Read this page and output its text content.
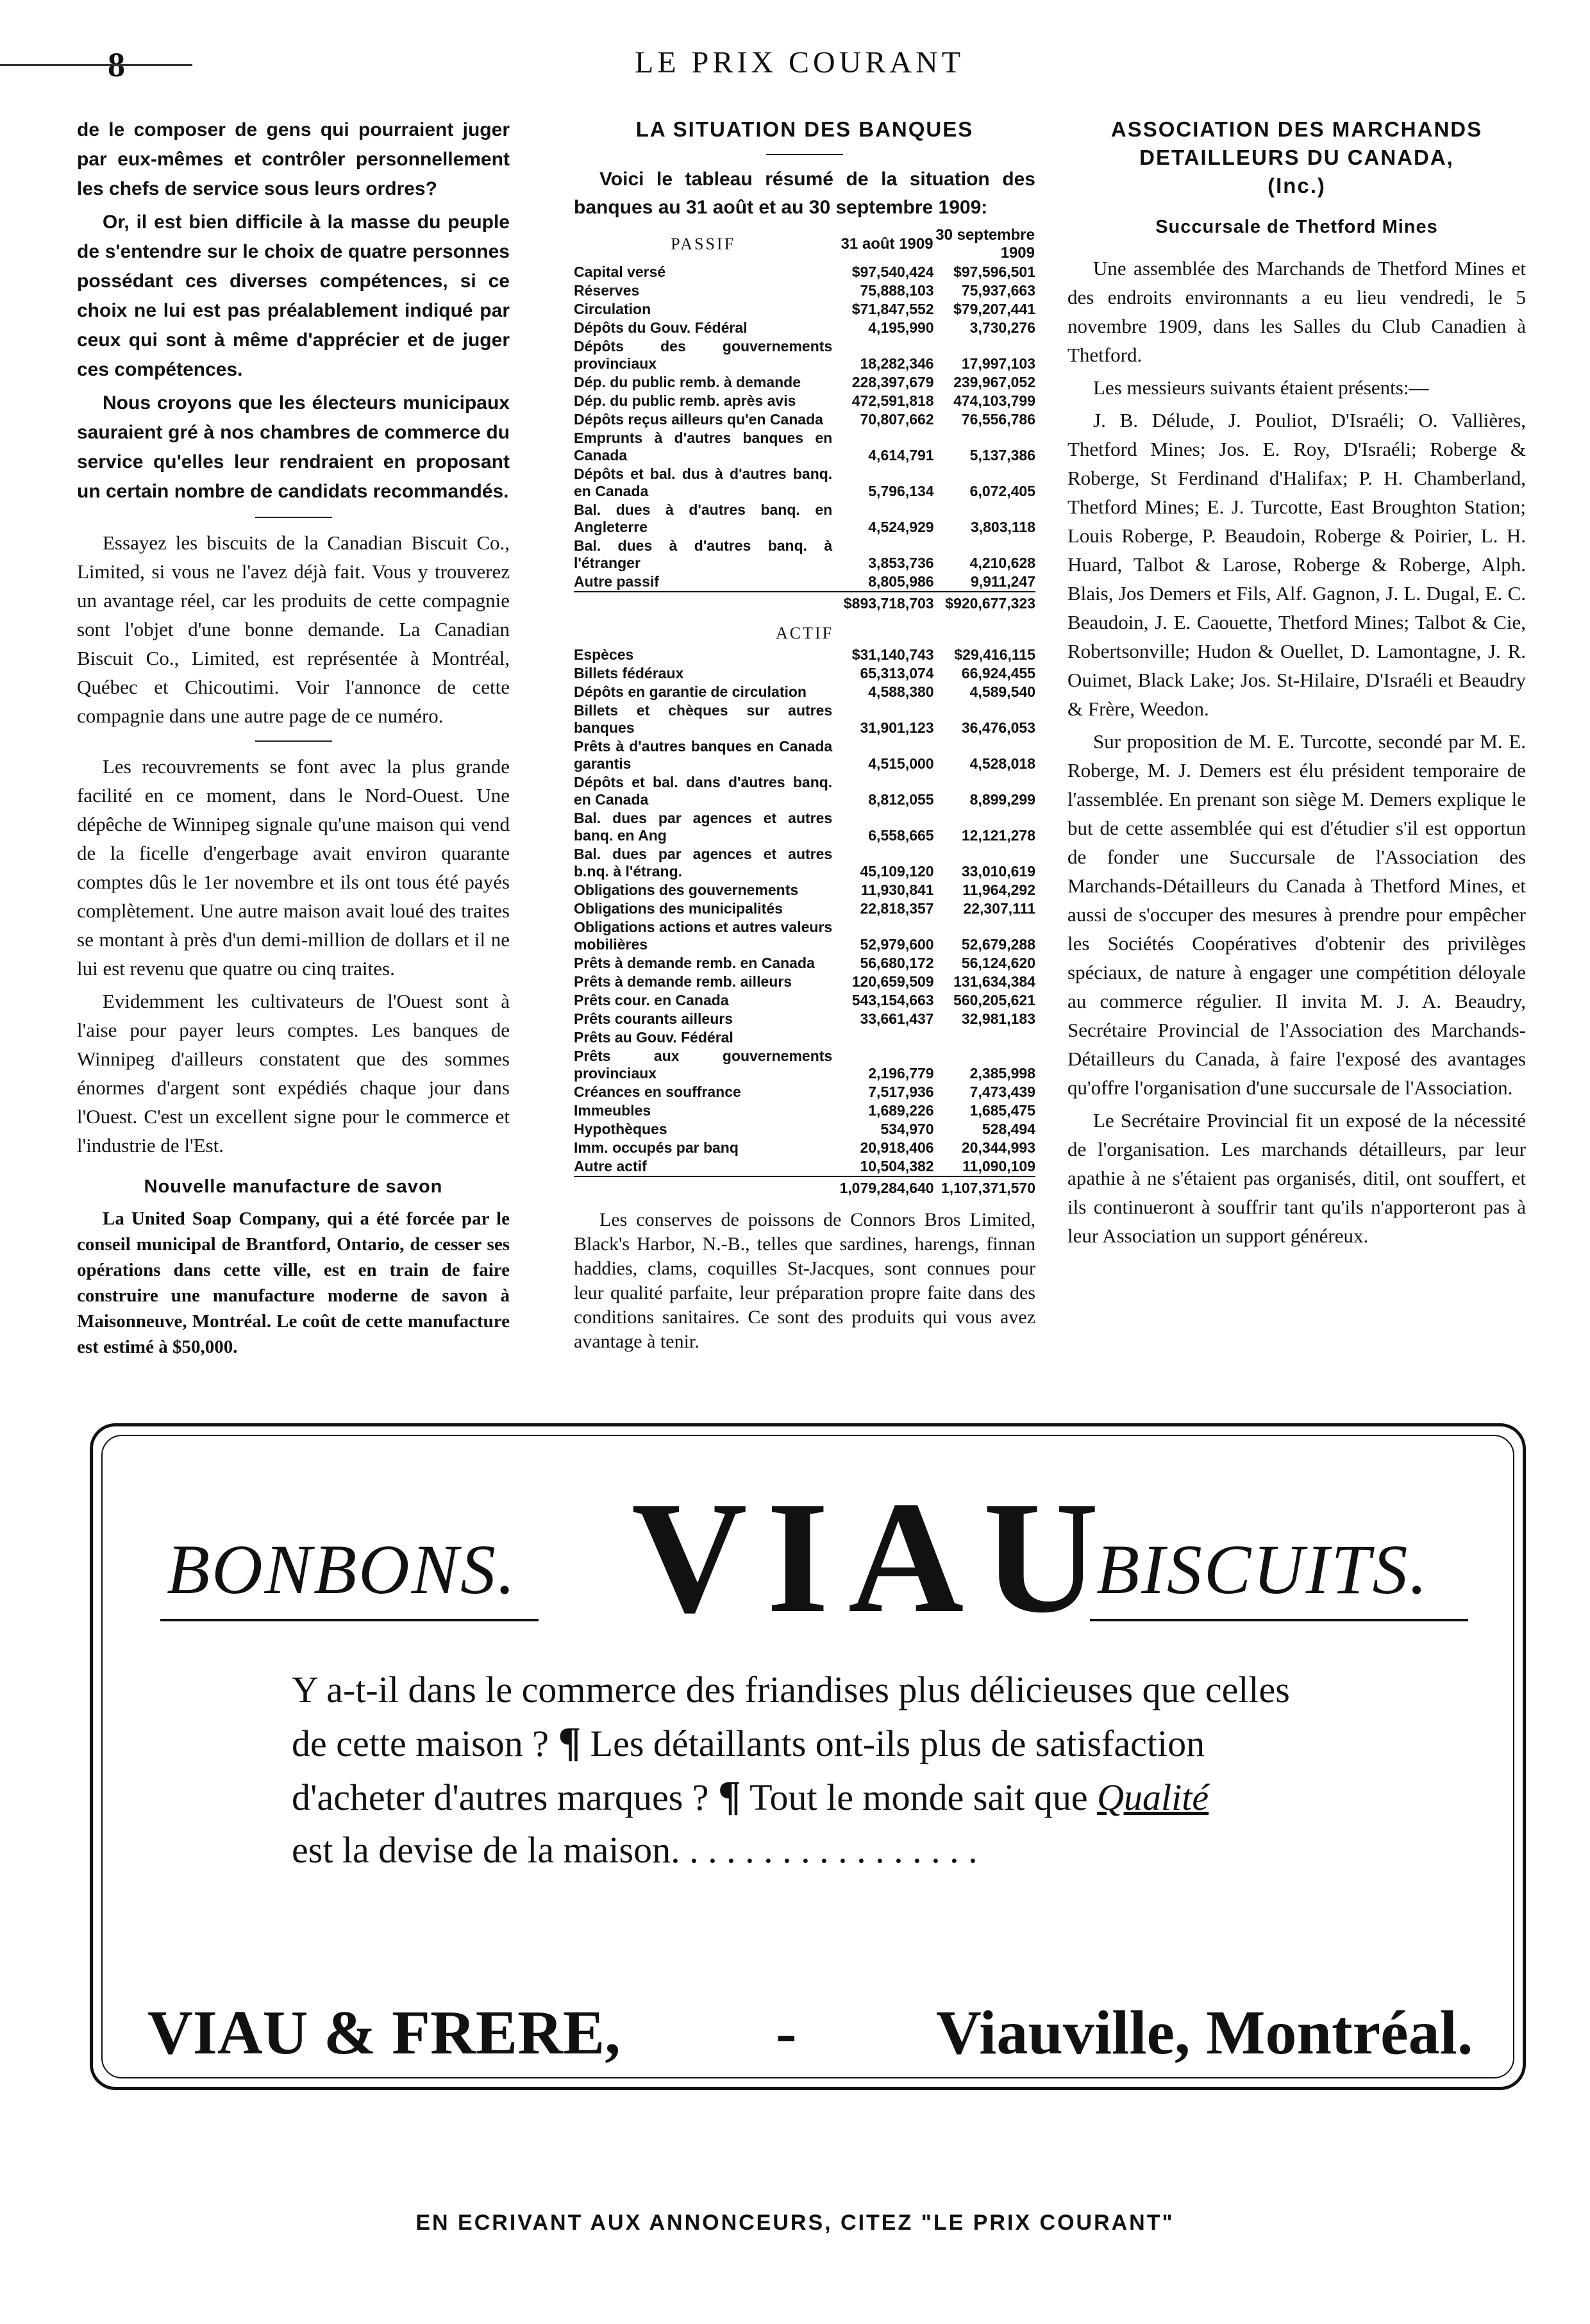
8	LE PRIX COURANT

de le composer de gens qui pourraient juger par eux-mêmes et contrôler personnellement les chefs de service sous leurs ordres?

Or, il est bien difficile à la masse du peuple de s'entendre sur le choix de quatre personnes possédant ces diverses compétences, si ce choix ne lui est pas préalablement indiqué par ceux qui sont à même d'apprécier et de juger ces compétences.

Nous croyons que les électeurs municipaux sauraient gré à nos chambres de commerce du service qu'elles leur rendraient en proposant un certain nombre de candidats recommandés.

Essayez les biscuits de la Canadian Biscuit Co., Limited, si vous ne l'avez déjà fait. Vous y trouverez un avantage réel, car les produits de cette compagnie sont l'objet d'une bonne demande. La Canadian Biscuit Co., Limited, est représentée à Montréal, Québec et Chicoutimi. Voir l'annonce de cette compagnie dans une autre page de ce numéro.

Les recouvrements se font avec la plus grande facilité en ce moment, dans le Nord-Ouest. Une dépêche de Winnipeg signale qu'une maison qui vend de la ficelle d'engerbage avait environ quarante comptes dûs le 1er novembre et ils ont tous été payés complètement. Une autre maison avait loué des traites se montant à près d'un demi-million de dollars et il ne lui est revenu que quatre ou cinq traites.

Evidemment les cultivateurs de l'Ouest sont à l'aise pour payer leurs comptes. Les banques de Winnipeg d'ailleurs constatent que des sommes énormes d'argent sont expédiés chaque jour dans l'Ouest. C'est un excellent signe pour le commerce et l'industrie de l'Est.

Nouvelle manufacture de savon

La United Soap Company, qui a été forcée par le conseil municipal de Brantford, Ontario, de cesser ses opérations dans cette ville, est en train de faire construire une manufacture moderne de savon à Maisonneuve, Montréal. Le coût de cette manufacture est estimé à $50,000.

LA SITUATION DES BANQUES

Voici le tableau résumé de la situation des banques au 31 août et au 30 septembre 1909:

PASSIF	31 août 1909	30 septembre 1909
Capital versé	$97,540,424	$97,596,501
Réserves	75,888,103	75,937,663
Circulation	$71,847,552	$79,207,441
Dépôts du Gouv. Fédéral	4,195,990	3,730,276
Dépôts des gouvernements provinciaux	18,282,346	17,997,103
Dép. du public remb. à demande	228,397,679	239,967,052
Dép. du public remb. après avis	472,591,818	474,103,799
Dépôts reçus ailleurs qu'en Canada	70,807,662	76,556,786
Emprunts à d'autres banques en Canada	4,614,791	5,137,386
Dépôts et bal. dus à d'autres banq. en Canada	5,796,134	6,072,405
Bal. dues à d'autres banq. en Angleterre	4,524,929	3,803,118
Bal. dues à d'autres banq. à l'étranger	3,853,736	4,210,628
Autre passif	8,805,986	9,911,247
	$893,718,703	$920,677,323
ACTIF		
Espèces	$31,140,743	$29,416,115
Billets fédéraux	65,313,074	66,924,455
Dépôts en garantie de circulation	4,588,380	4,589,540
Billets et chèques sur autres banques	31,901,123	36,476,053
Prêts à d'autres banques en Canada garantis	4,515,000	4,528,018
Dépôts et bal. dans d'autres banq. en Canada	8,812,055	8,899,299
Bal. dues par agences et autres banq. en Ang	6,558,665	12,121,278
Bal. dues par agences et autres b.nq. à l'étrang.	45,109,120	33,010,619
Obligations des gouvernements	11,930,841	11,964,292
Obligations des municipalités	22,818,357	22,307,111
Obligations actions et autres valeurs mobilières	52,979,600	52,679,288
Prêts à demande remb. en Canada	56,680,172	56,124,620
Prêts à demande remb. ailleurs	120,659,509	131,634,384
Prêts cour. en Canada	543,154,663	560,205,621
Prêts courants ailleurs	33,661,437	32,981,183
Prêts au Gouv. Fédéral		
Prêts aux gouvernements provinciaux	2,196,779	2,385,998
Créances en souffrance	7,517,936	7,473,439
Immeubles	1,689,226	1,685,475
Hypothèques	534,970	528,494
Imm. occupés par banq	20,918,406	20,344,993
Autre actif	10,504,382	11,090,109
	1,079,284,640	1,107,371,570

Les conserves de poissons de Connors Bros Limited, Black's Harbor, N.-B., telles que sardines, harengs, finnan haddies, clams, coquilles St-Jacques, sont connues pour leur qualité parfaite, leur préparation propre faite dans des conditions sanitaires. Ce sont des produits qui vous avez avantage à tenir.

ASSOCIATION DES MARCHANDS
DETAILLEURS DU CANADA,
(Inc.)
Succursale de Thetford Mines

Une assemblée des Marchands de Thetford Mines et des endroits environnants a eu lieu vendredi, le 5 novembre 1909, dans les Salles du Club Canadien à Thetford.

Les messieurs suivants étaient présents:—

J. B. Délude, J. Pouliot, D'Israéli; O. Vallières, Thetford Mines; Jos. E. Roy, D'Israéli; Roberge & Roberge, St Ferdinand d'Halifax; P. H. Chamberland, Thetford Mines; E. J. Turcotte, East Broughton Station; Louis Roberge, P. Beaudoin, Roberge & Poirier, L. H. Huard, Talbot & Larose, Roberge & Roberge, Alph. Blais, Jos Demers et Fils, Alf. Gagnon, J. L. Dugal, E. C. Beaudoin, J. E. Caouette, Thetford Mines; Talbot & Cie, Robertsonville; Hudon & Ouellet, D. Lamontagne, J. R. Ouimet, Black Lake; Jos. St-Hilaire, D'Israéli et Beaudry & Frère, Weedon.

Sur proposition de M. E. Turcotte, secondé par M. E. Roberge, M. J. Demers est élu président temporaire de l'assemblée. En prenant son siège M. Demers explique le but de cette assemblée qui est d'étudier s'il est opportun de fonder une Succursale de l'Association des Marchands-Détailleurs du Canada à Thetford Mines, et aussi de s'occuper des mesures à prendre pour empêcher les Sociétés Coopératives d'obtenir des privilèges spéciaux, de nature à engager une compétition déloyale au commerce régulier. Il invita M. J. A. Beaudry, Secrétaire Provincial de l'Association des Marchands-Détailleurs du Canada, à faire l'exposé des avantages qu'offre l'organisation d'une succursale de l'Association.

Le Secrétaire Provincial fit un exposé de la nécessité de l'organisation. Les marchands détailleurs, par leur apathie à ne s'étaient pas organisés, ditil, ont souffert, et ils continueront à souffrir tant qu'ils n'apporteront pas à leur Association un support généreux.

BONBONS. VIAU
BISCUITS.
Y a-t-il dans le commerce des friandises plus délicieuses que celles
de cette maison ? ¶ Les détaillants ont-ils plus de satisfaction
d'acheter d'autres marques ? ¶ Tout le monde sait que Qualité
est la devise de la maison. . . . . . . . . . . . . . . . .
VIAU & FRERE, - Viauville, Montréal.
EN ECRIVANT AUX ANNONCEURS, CITEZ "LE PRIX COURANT"
